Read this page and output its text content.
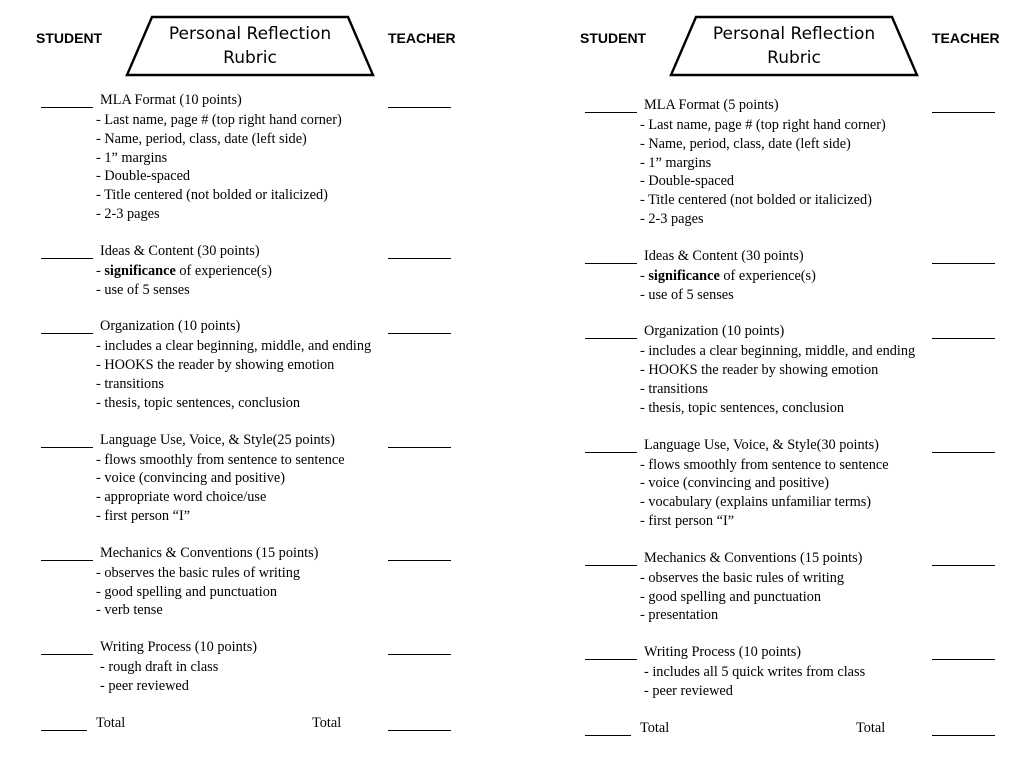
STUDENT	Personal Reflection
Rubric
TEACHER
MLA Format (10 points)
- Last name, page # (top right hand corner)
- Name, period, class, date (left side)
- 1” margins
- Double-spaced
- Title centered (not bolded or italicized)
- 2-3 pages
Ideas & Content (30 points)
- significance of experience(s)
- use of 5 senses
Organization (10 points)
- includes a clear beginning, middle, and ending
- HOOKS the reader by showing emotion
- transitions
- thesis, topic sentences, conclusion
Language Use, Voice, & Style(25 points)
- flows smoothly from sentence to sentence
- voice (convincing and positive)
- appropriate word choice/use
- first person “I”
Mechanics & Conventions (15 points)
- observes the basic rules of writing
- good spelling and punctuation
- verb tense
Writing Process (10 points)
- rough draft in class
- peer reviewed
Total	Total
STUDENT	Personal Reflection
Rubric
TEACHER
MLA Format (5 points)
- Last name, page # (top right hand corner)
- Name, period, class, date (left side)
- 1” margins
- Double-spaced
- Title centered (not bolded or italicized)
- 2-3 pages
Ideas & Content (30 points)
- significance of experience(s)
- use of 5 senses
Organization (10 points)
- includes a clear beginning, middle, and ending
- HOOKS the reader by showing emotion
- transitions
- thesis, topic sentences, conclusion
Language Use, Voice, & Style(30 points)
- flows smoothly from sentence to sentence
- voice (convincing and positive)
- vocabulary (explains unfamiliar terms)
- first person “I”
Mechanics & Conventions (15 points)
- observes the basic rules of writing
- good spelling and punctuation
- presentation
Writing Process (10 points)
- includes all 5 quick writes from class
- peer reviewed
Total	Total
